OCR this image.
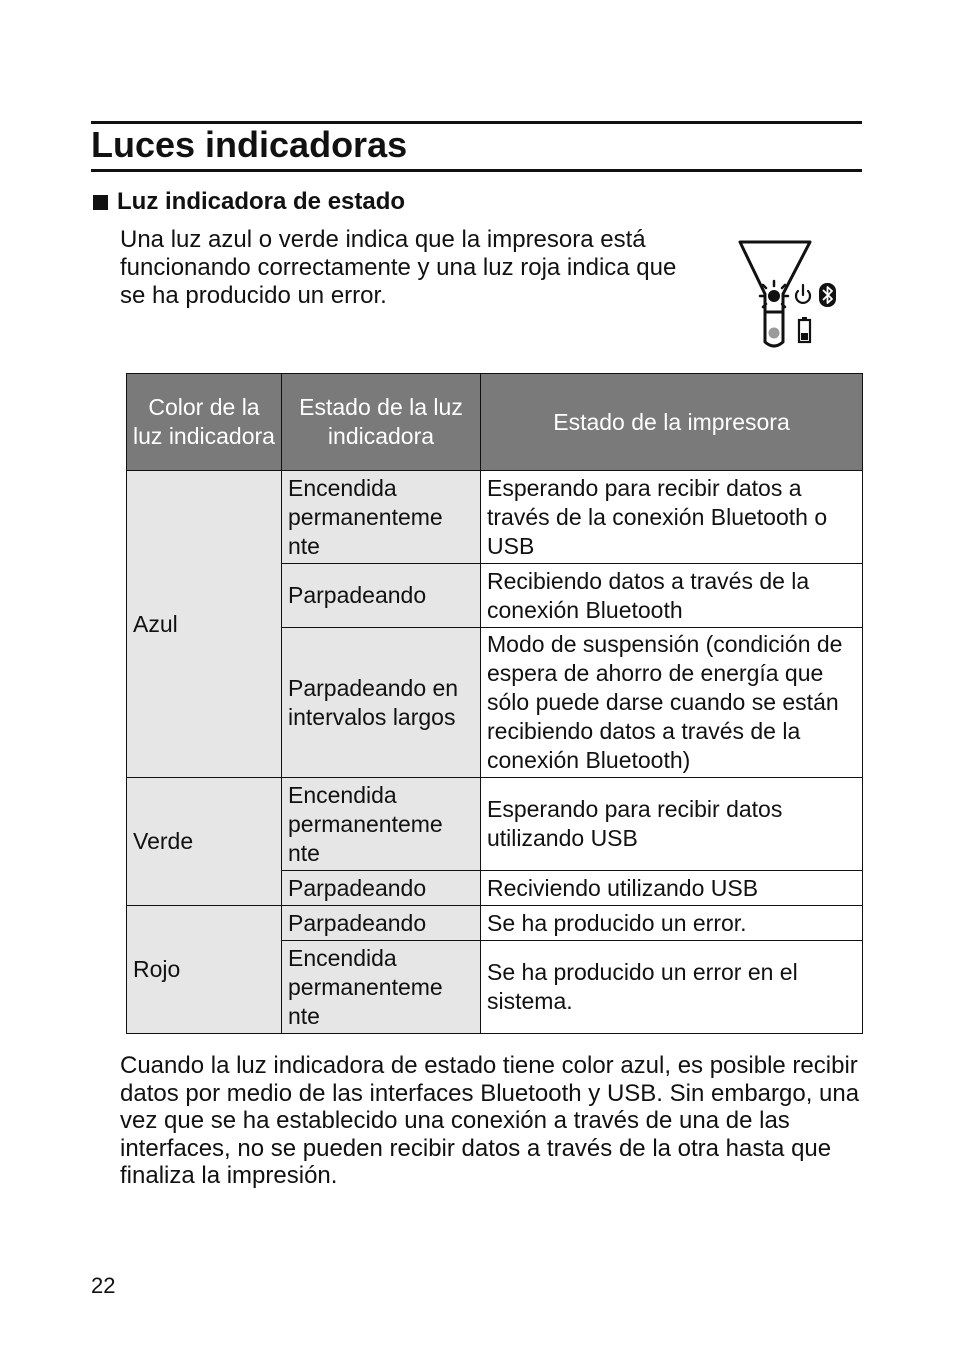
Luces indicadoras
Luz indicadora de estado
Una luz azul o verde indica que la impresora está funcionando correctamente y una luz roja indica que se ha producido un error.
Color de la luz indicadora	Estado de la luz indicadora	Estado de la impresora
Azul	Encendida permanenteme nte	Esperando para recibir datos a través de la conexión Bluetooth o USB
	Parpadeando	Recibiendo datos a través de la conexión Bluetooth
	Parpadeando en intervalos largos	Modo de suspensión (condición de espera de ahorro de energía que sólo puede darse cuando se están recibiendo datos a través de la conexión Bluetooth)
Verde	Encendida permanenteme nte	Esperando para recibir datos utilizando USB
	Parpadeando	Reciviendo utilizando USB
Rojo	Parpadeando	Se ha producido un error.
	Encendida permanenteme nte	Se ha producido un error en el sistema.
Cuando la luz indicadora de estado tiene color azul, es posible recibir datos por medio de las interfaces Bluetooth y USB. Sin embargo, una vez que se ha establecido una conexión a través de una de las interfaces, no se pueden recibir datos a través de la otra hasta que finaliza la impresión.
22
